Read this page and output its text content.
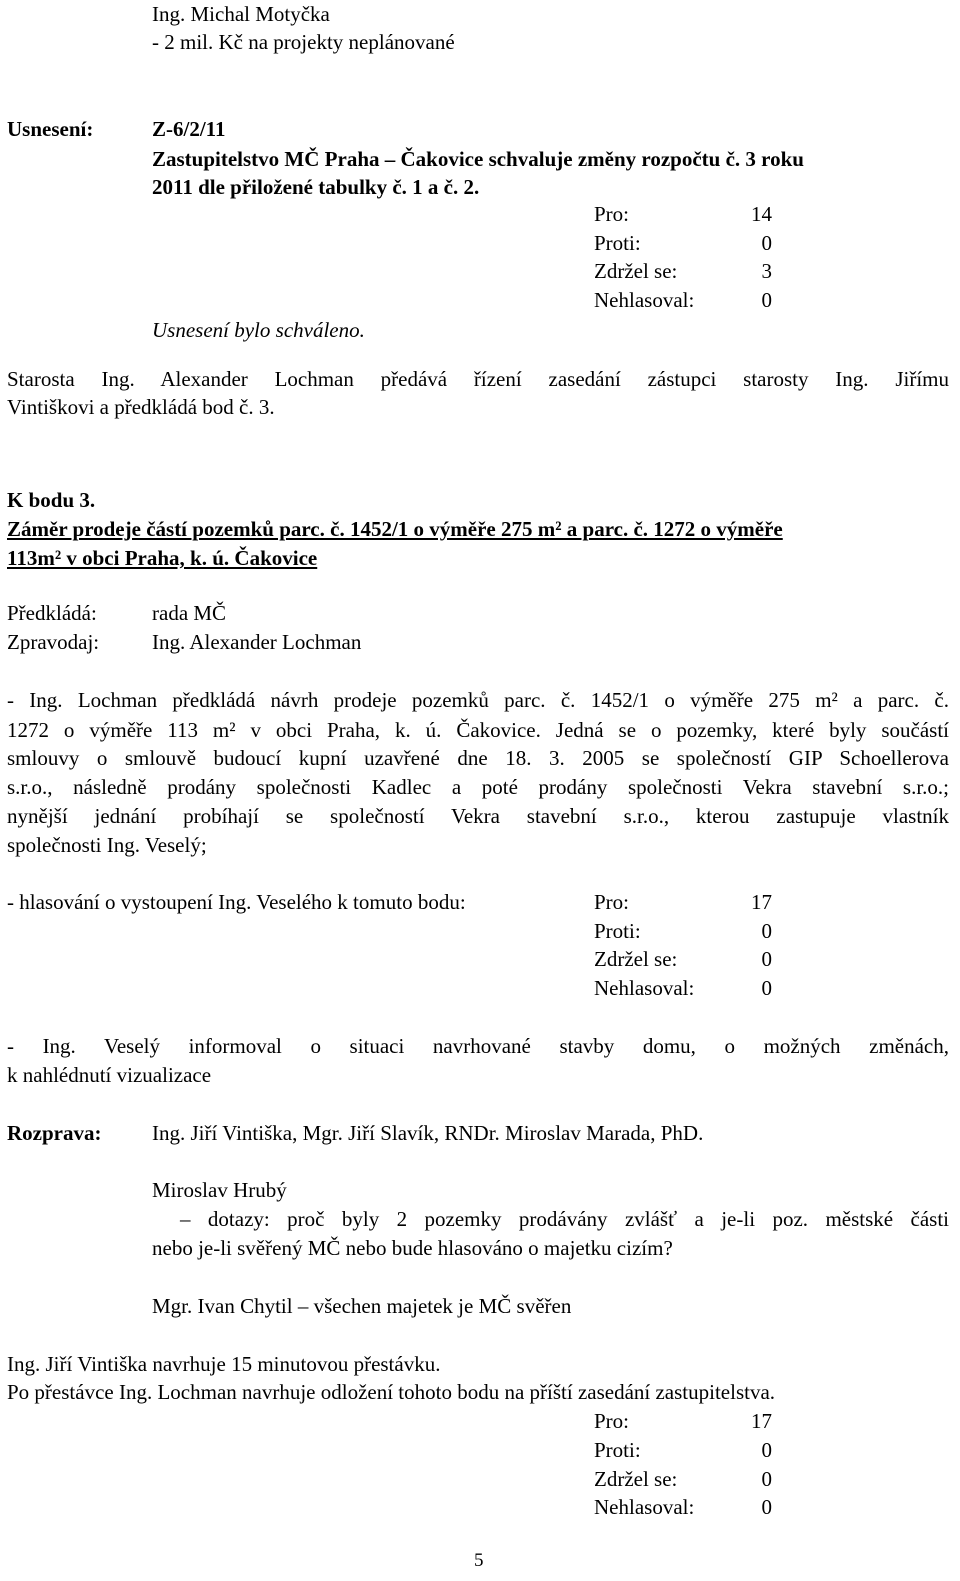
Ing. Michal Motyčka
- 2 mil. Kč na projekty neplánované
Usnesení:	Z-6/2/11
Zastupitelstvo MČ Praha – Čakovice schvaluje změny rozpočtu č. 3 roku
2011 dle přiložené tabulky č. 1 a č. 2.
Pro:	14
Proti:	0
Zdržel se:	3
Nehlasoval:	0
Usnesení bylo schváleno.
Starosta Ing. Alexander Lochman předává řízení zasedání zástupci starosty Ing. Jiřímu
Vintiškovi a předkládá bod č. 3.
K bodu 3.
Záměr prodeje částí pozemků parc. č. 1452/1 o výměře 275 m² a parc. č. 1272 o výměře
113m² v obci Praha, k. ú. Čakovice
Předkládá:	rada MČ
Zpravodaj:	Ing. Alexander Lochman
- Ing. Lochman předkládá návrh prodeje pozemků parc. č. 1452/1 o výměře 275 m² a parc. č.
1272 o výměře 113 m² v obci Praha, k. ú. Čakovice. Jedná se o pozemky, které byly součástí
smlouvy o smlouvě budoucí kupní uzavřené dne 18. 3. 2005 se společností GIP Schoellerova
s.r.o., následně prodány společnosti Kadlec a poté prodány společnosti Vekra stavební s.r.o.;
nynější jednání probíhají se společností Vekra stavební s.r.o., kterou zastupuje vlastník
společnosti Ing. Veselý;
- hlasování o vystoupení Ing. Veselého k tomuto bodu:	Pro:	17
Proti:	0
Zdržel se:	0
Nehlasoval:	0
- Ing. Veselý informoval o situaci navrhované stavby domu, o možných změnách,
k nahlédnutí vizualizace
Rozprava: Ing. Jiří Vintiška, Mgr. Jiří Slavík, RNDr. Miroslav Marada, PhD.
Miroslav Hrubý
– dotazy: proč byly 2 pozemky prodávány zvlášť a je-li poz. městské části
nebo je-li svěřený MČ nebo bude hlasováno o majetku cizím?
Mgr. Ivan Chytil – všechen majetek je MČ svěřen
Ing. Jiří Vintiška navrhuje 15 minutovou přestávku.
Po přestávce Ing. Lochman navrhuje odložení tohoto bodu na příští zasedání zastupitelstva.
Pro:	17
Proti:	0
Zdržel se:	0
Nehlasoval:	0
5
